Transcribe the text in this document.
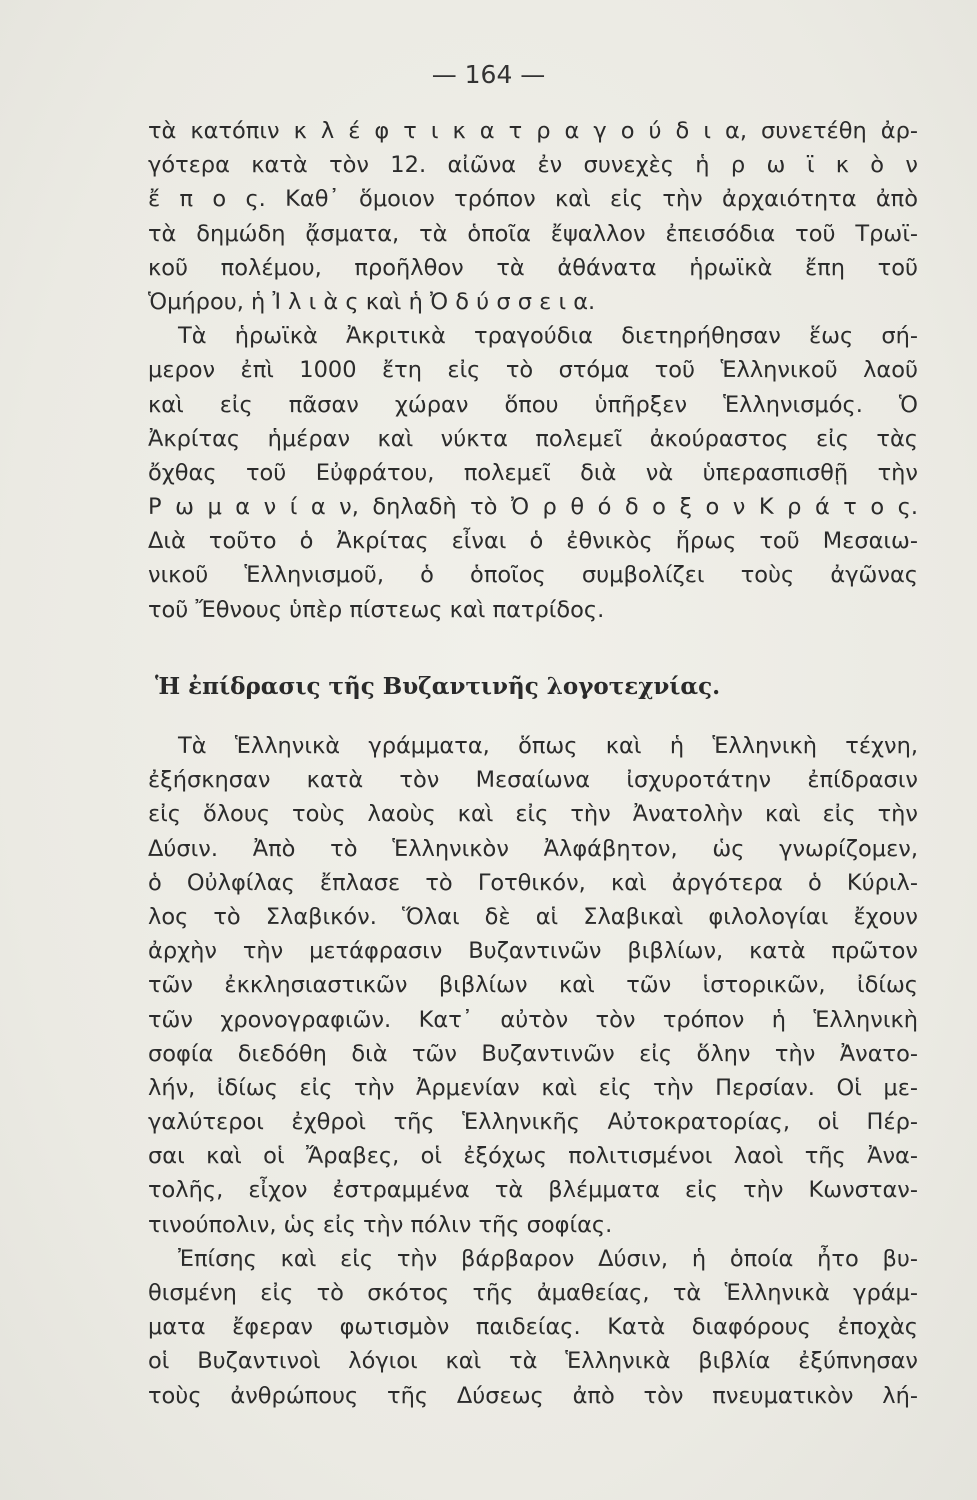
— 164 —
τὰ κατόπιν κ λ έ φ τ ι κ α τ ρ α γ ο ύ δ ι α, συνετέθη ἀρ-
γότερα κατὰ τὸν 12. αἰῶνα ἐν συνεχὲς ἡ ρ ω ϊ κ ὸ ν
ἔ π ο ς. Καθ᾽ ὅμοιον τρόπον καὶ εἰς τὴν ἀρχαιότητα ἀπὸ
τὰ δημώδη ᾄσματα, τὰ ὁποῖα ἔψαλλον ἐπεισόδια τοῦ Τρωϊ-
κοῦ πολέμου, προῆλθον τὰ ἀθάνατα ἡρωϊκὰ ἔπη τοῦ
Ὁμήρου, ἡ Ἰ λ ι ὰ ς καὶ ἡ Ὀ δ ύ σ σ ε ι α.
Τὰ ἡρωϊκὰ Ἀκριτικὰ τραγούδια διετηρήθησαν ἕως σή-
μερον ἐπὶ 1000 ἔτη εἰς τὸ στόμα τοῦ Ἑλληνικοῦ λαοῦ
καὶ εἰς πᾶσαν χώραν ὅπου ὑπῆρξεν Ἑλληνισμός. Ὁ
Ἀκρίτας ἡμέραν καὶ νύκτα πολεμεῖ ἀκούραστος εἰς τὰς
ὄχθας τοῦ Εὐφράτου, πολεμεῖ διὰ νὰ ὑπερασπισθῇ τὴν
Ρ ω μ α ν ί α ν, δηλαδὴ τὸ Ὀ ρ θ ό δ ο ξ ο ν Κ ρ ά τ ο ς.
Διὰ τοῦτο ὁ Ἀκρίτας εἶναι ὁ ἐθνικὸς ἥρως τοῦ Μεσαιω-
νικοῦ Ἑλληνισμοῦ, ὁ ὁποῖος συμβολίζει τοὺς ἀγῶνας
τοῦ Ἔθνους ὑπὲρ πίστεως καὶ πατρίδος.
Ἡ ἐπίδρασις τῆς Βυζαντινῆς λογοτεχνίας.
Τὰ Ἑλληνικὰ γράμματα, ὅπως καὶ ἡ Ἑλληνικὴ τέχνη,
ἐξήσκησαν κατὰ τὸν Μεσαίωνα ἰσχυροτάτην ἐπίδρασιν
εἰς ὅλους τοὺς λαοὺς καὶ εἰς τὴν Ἀνατολὴν καὶ εἰς τὴν
Δύσιν. Ἀπὸ τὸ Ἑλληνικὸν Ἀλφάβητον, ὡς γνωρίζομεν,
ὁ Οὐλφίλας ἔπλασε τὸ Γοτθικόν, καὶ ἀργότερα ὁ Κύριλ-
λος τὸ Σλαβικόν. Ὅλαι δὲ αἱ Σλαβικαὶ φιλολογίαι ἔχουν
ἀρχὴν τὴν μετάφρασιν Βυζαντινῶν βιβλίων, κατὰ πρῶτον
τῶν ἐκκλησιαστικῶν βιβλίων καὶ τῶν ἱστορικῶν, ἰδίως
τῶν χρονογραφιῶν. Κατ᾽ αὐτὸν τὸν τρόπον ἡ Ἑλληνικὴ
σοφία διεδόθη διὰ τῶν Βυζαντινῶν εἰς ὅλην τὴν Ἀνατο-
λήν, ἰδίως εἰς τὴν Ἀρμενίαν καὶ εἰς τὴν Περσίαν. Οἱ με-
γαλύτεροι ἐχθροὶ τῆς Ἑλληνικῆς Αὐτοκρατορίας, οἱ Πέρ-
σαι καὶ οἱ Ἄραβες, οἱ ἐξόχως πολιτισμένοι λαοὶ τῆς Ἀνα-
τολῆς, εἶχον ἐστραμμένα τὰ βλέμματα εἰς τὴν Κωνσταν-
τινούπολιν, ὡς εἰς τὴν πόλιν τῆς σοφίας.
Ἐπίσης καὶ εἰς τὴν βάρβαρον Δύσιν, ἡ ὁποία ἦτο βυ-
θισμένη εἰς τὸ σκότος τῆς ἀμαθείας, τὰ Ἑλληνικὰ γράμ-
ματα ἔφεραν φωτισμὸν παιδείας. Κατὰ διαφόρους ἐποχὰς
οἱ Βυζαντινοὶ λόγιοι καὶ τὰ Ἑλληνικὰ βιβλία ἐξύπνησαν
τοὺς ἀνθρώπους τῆς Δύσεως ἀπὸ τὸν πνευματικὸν λή-
